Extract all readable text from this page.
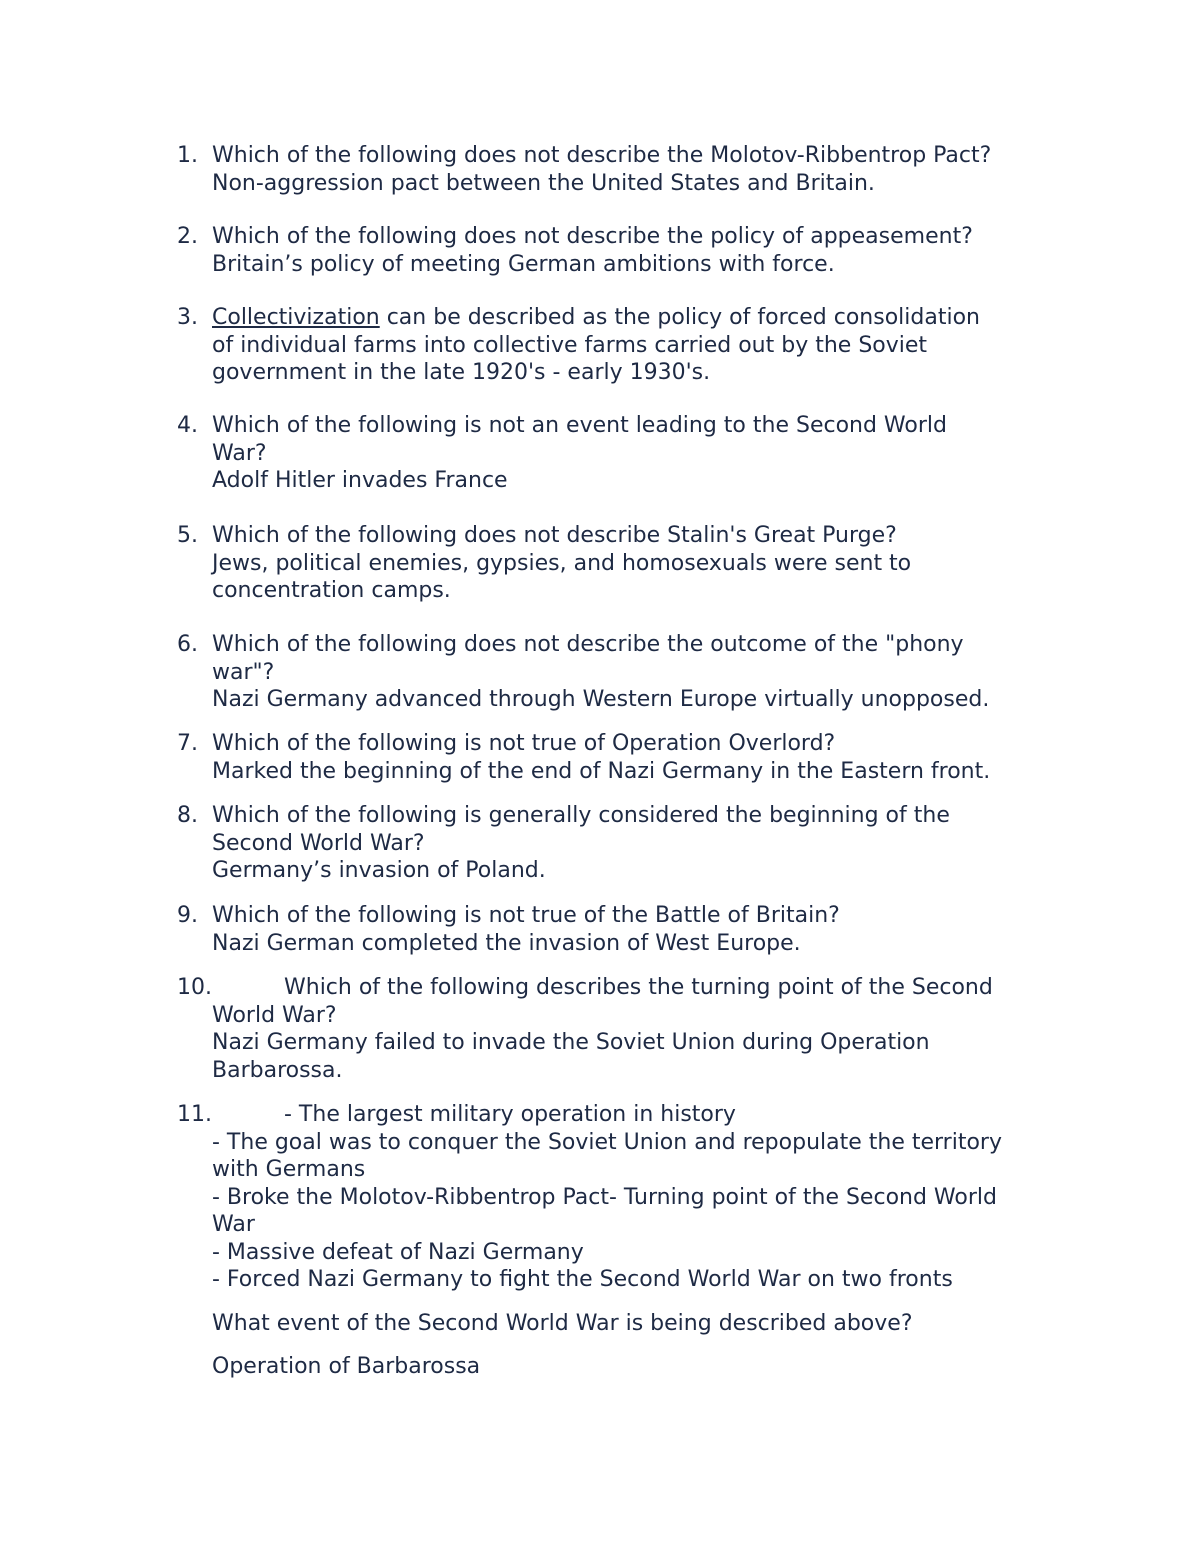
1. Which of the following does not describe the Molotov-Ribbentrop Pact?
Non-aggression pact between the United States and Britain.
2. Which of the following does not describe the policy of appeasement?
Britain’s policy of meeting German ambitions with force.
3. Collectivization can be described as the policy of forced consolidation
of individual farms into collective farms carried out by the Soviet
government in the late 1920's - early 1930's.
4. Which of the following is not an event leading to the Second World
War?
Adolf Hitler invades France
5. Which of the following does not describe Stalin's Great Purge?
Jews, political enemies, gypsies, and homosexuals were sent to
concentration camps.
6. Which of the following does not describe the outcome of the "phony
war"?
Nazi Germany advanced through Western Europe virtually unopposed.
7. Which of the following is not true of Operation Overlord?
Marked the beginning of the end of Nazi Germany in the Eastern front.
8. Which of the following is generally considered the beginning of the
Second World War?
Germany’s invasion of Poland.
9. Which of the following is not true of the Battle of Britain?
Nazi German completed the invasion of West Europe.
10.	Which of the following describes the turning point of the Second
World War?
Nazi Germany failed to invade the Soviet Union during Operation
Barbarossa.
11.	- The largest military operation in history
- The goal was to conquer the Soviet Union and repopulate the territory
with Germans
- Broke the Molotov-Ribbentrop Pact- Turning point of the Second World
War
- Massive defeat of Nazi Germany
- Forced Nazi Germany to fight the Second World War on two fronts
What event of the Second World War is being described above?
Operation of Barbarossa
